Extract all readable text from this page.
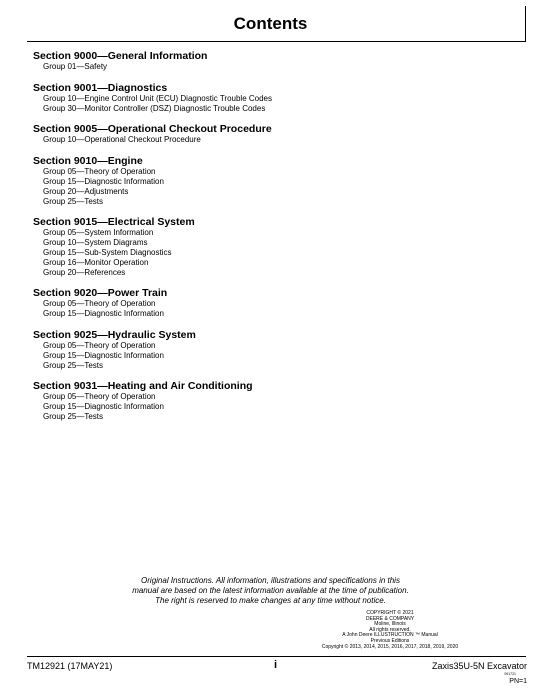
Contents
Section 9000— General Information
Group 01— Safety
Section 9001— Diagnostics
Group 10— Engine Control Unit (ECU) Diagnostic Trouble Codes
Group 30— Monitor Controller (DSZ) Diagnostic Trouble Codes
Section 9005— Operational Checkout Procedure
Group 10— Operational Checkout Procedure
Section 9010— Engine
Group 05— Theory of Operation
Group 15— Diagnostic Information
Group 20— Adjustments
Group 25— Tests
Section 9015— Electrical System
Group 05— System Information
Group 10— System Diagrams
Group 15— Sub-System Diagnostics
Group 16— Monitor Operation
Group 20— References
Section 9020— Power Train
Group 05— Theory of Operation
Group 15— Diagnostic Information
Section 9025— Hydraulic System
Group 05— Theory of Operation
Group 15— Diagnostic Information
Group 25— Tests
Section 9031— Heating and Air Conditioning
Group 05— Theory of Operation
Group 15— Diagnostic Information
Group 25— Tests
Original Instructions. All information, illustrations and specifications in this
manual are based on the latest information available at the time of publication.
The right is reserved to make changes at any time without notice.
COPYRIGHT © 2021
DEERE & COMPANY
Moline, Illinois
All rights reserved.
A John Deere ILLUSTRUCTION ™ Manual
Previous Editions
Copyright © 2013, 2014, 2015, 2016, 2017, 2018, 2019, 2020
TM12921 (17MAY21)	i	Zaxis35U-5N Excavator
091721
PN=1
